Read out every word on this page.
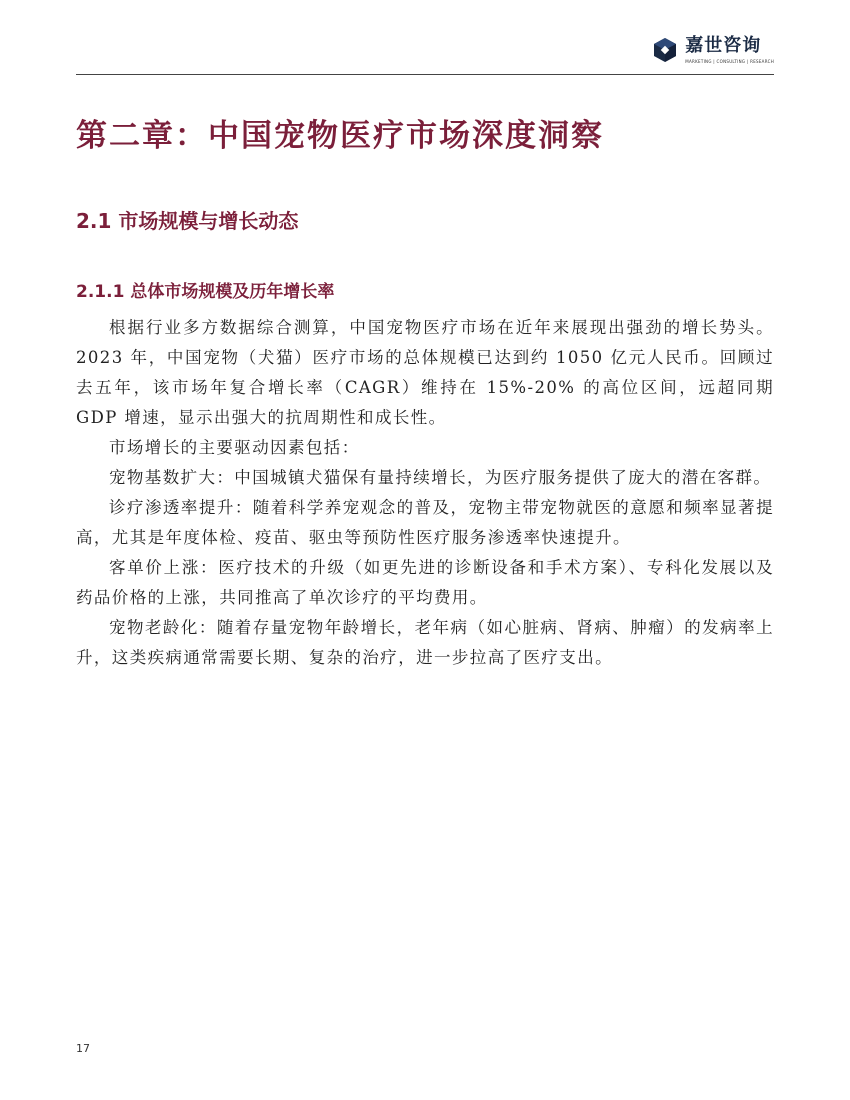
嘉世咨询
MARKETING | CONSULTING | RESEARCH
第二章：中国宠物医疗市场深度洞察
2.1 市场规模与增长动态
2.1.1 总体市场规模及历年增长率

根据行业多方数据综合测算，中国宠物医疗市场在近年来展现出强劲的增长势头。2023 年，中国宠物（犬猫）医疗市场的总体规模已达到约 1050 亿元人民币。回顾过去五年，该市场年复合增长率（CAGR）维持在 15%-20% 的高位区间，远超同期 GDP 增速，显示出强大的抗周期性和成长性。

市场增长的主要驱动因素包括：

宠物基数扩大：中国城镇犬猫保有量持续增长，为医疗服务提供了庞大的潜在客群。

诊疗渗透率提升：随着科学养宠观念的普及，宠物主带宠物就医的意愿和频率显著提高，尤其是年度体检、疫苗、驱虫等预防性医疗服务渗透率快速提升。

客单价上涨：医疗技术的升级（如更先进的诊断设备和手术方案）、专科化发展以及药品价格的上涨，共同推高了单次诊疗的平均费用。

宠物老龄化：随着存量宠物年龄增长，老年病（如心脏病、肾病、肿瘤）的发病率上升，这类疾病通常需要长期、复杂的治疗，进一步拉高了医疗支出。

17
